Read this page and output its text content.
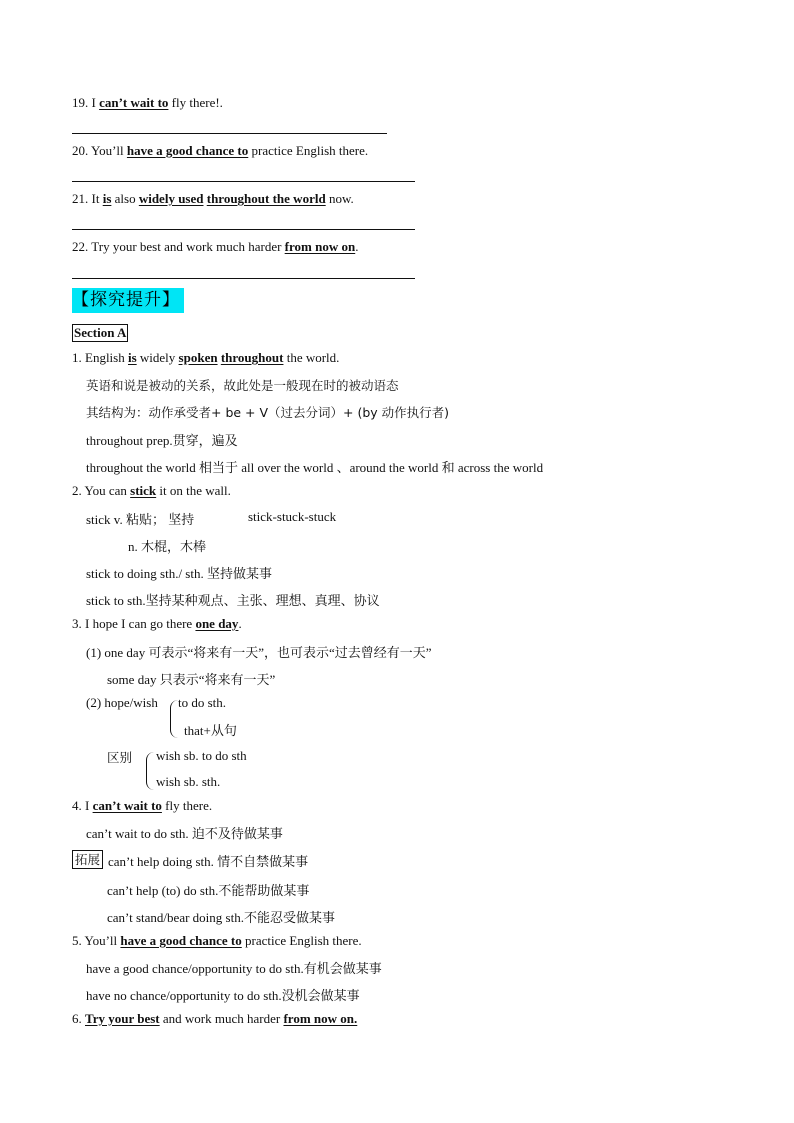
19. I can’t wait to fly there!.
20. You’ll have a good chance to practice English there.
21. It is also widely used throughout the world now.
22. Try your best and work much harder from now on.
【探究提升】
Section A
1. English is widely spoken throughout the world.
英语和说是被动的关系，故此处是一般现在时的被动语态
其结构为：动作承受者+ be + V（过去分词）+ (by 动作执行者)
throughout prep.贯穿，遍及
throughout the world 相当于 all over the world 、around the world 和 across the world
2. You can stick it on the wall.
stick v. 粘贴； 坚持	stick-stuck-stuck
n. 木棍，木棒
stick to doing sth./ sth. 坚持做某事
stick to sth.坚持某种观点、主张、理想、真理、协议
3. I hope I can go there one day.
(1) one day 可表示“将来有一天”，也可表示“过去曾经有一天”
some day 只表示“将来有一天”
(2) hope/wish to do sth.
that+从句
区别 wish sb. to do sth
wish sb. sth.
4. I can’t wait to fly there.
can’t wait to do sth. 迫不及待做某事
拓展 can’t help doing sth. 情不自禁做某事
can’t help (to) do sth.不能帮助做某事
can’t stand/bear doing sth.不能忍受做某事
5. You’ll have a good chance to practice English there.
have a good chance/opportunity to do sth.有机会做某事
have no chance/opportunity to do sth.没机会做某事
6. Try your best and work much harder from now on.
